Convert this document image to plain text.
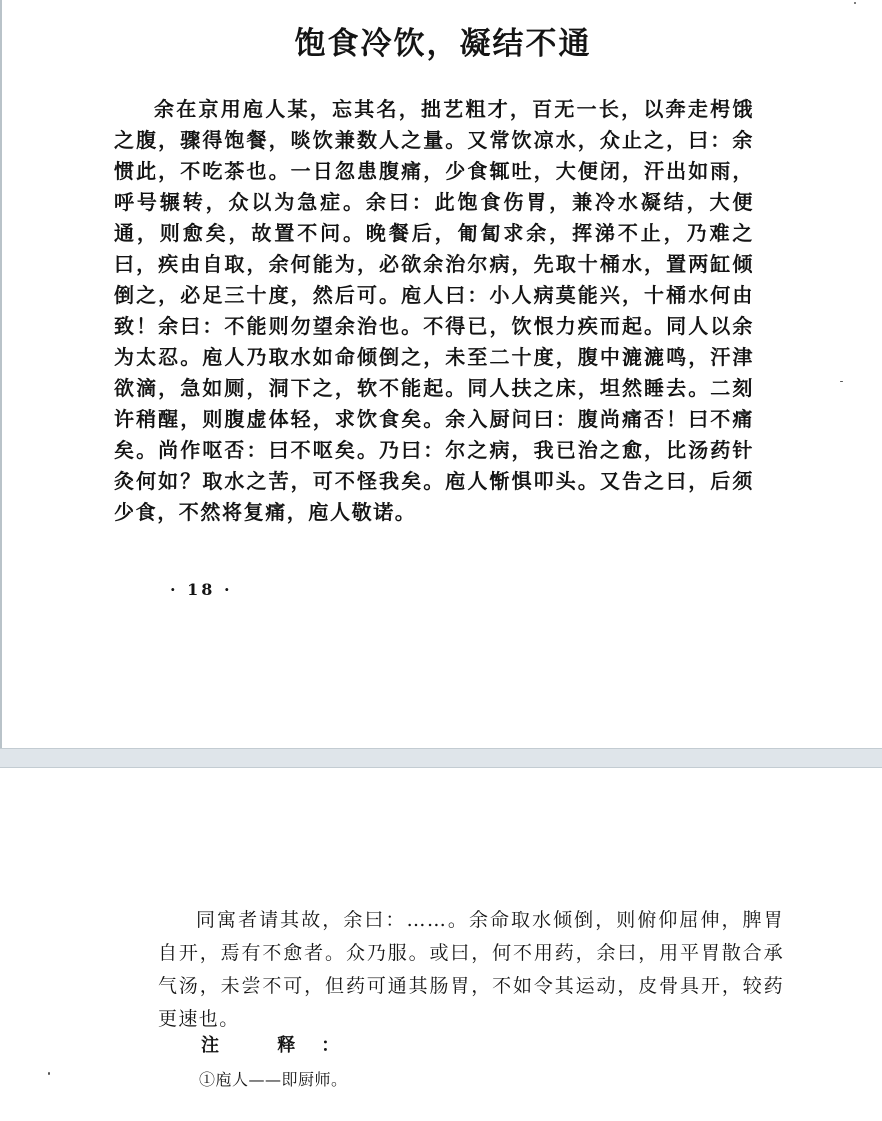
饱食冷饮，凝结不通

余在京用庖人某，忘其名，拙艺粗才，百无一长，以奔走枵饿之腹，骤得饱餐，啖饮兼数人之量。又常饮凉水，众止之，曰：余惯此，不吃茶也。一日忽患腹痛，少食辄吐，大便闭，汗出如雨，呼号辗转，众以为急症。余曰：此饱食伤胃，兼冷水凝结，大便通，则愈矣，故置不问。晚餐后，匍匐求余，挥涕不止，乃难之曰，疾由自取，余何能为，必欲余治尔病，先取十桶水，置两缸倾倒之，必足三十度，然后可。庖人曰：小人病莫能兴，十桶水何由致！余曰：不能则勿望余治也。不得已，饮恨力疾而起。同人以余为太忍。庖人乃取水如命倾倒之，未至二十度，腹中漉漉鸣，汗津欲滴，急如厕，洞下之，软不能起。同人扶之床，坦然睡去。二刻许稍醒，则腹虚体轻，求饮食矣。余入厨问曰：腹尚痛否！曰不痛矣。尚作呕否：曰不呕矣。乃曰：尔之病，我已治之愈，比汤药针灸何如？取水之苦，可不怪我矣。庖人惭惧叩头。又告之曰，后须少食，不然将复痛，庖人敬诺。

· 18 ·

同寓者请其故，余曰：……。余命取水倾倒，则俯仰屈伸，脾胃自开，焉有不愈者。众乃服。或曰，何不用药，余曰，用平胃散合承气汤，未尝不可，但药可通其肠胃，不如令其运动，皮骨具开，较药更速也。

注 释：
①庖人——即厨师。
